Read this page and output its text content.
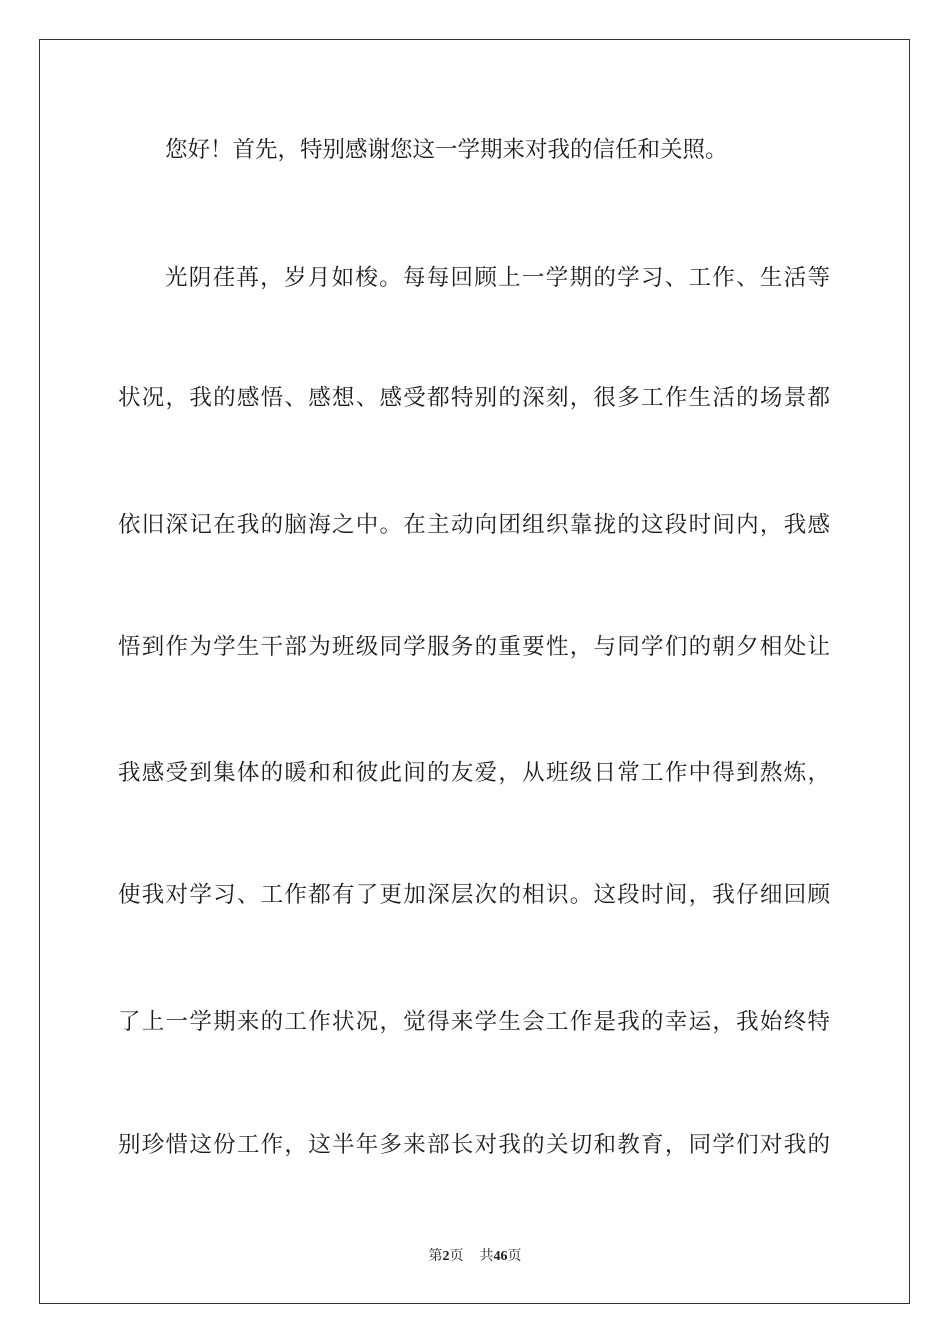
您好！首先，特别感谢您这一学期来对我的信任和关照。
光阴荏苒，岁月如梭。每每回顾上一学期的学习、工作、生活等
状况，我的感悟、感想、感受都特别的深刻，很多工作生活的场景都
依旧深记在我的脑海之中。在主动向团组织靠拢的这段时间内，我感
悟到作为学生干部为班级同学服务的重要性，与同学们的朝夕相处让
我感受到集体的暖和和彼此间的友爱，从班级日常工作中得到熬炼，
使我对学习、工作都有了更加深层次的相识。这段时间，我仔细回顾
了上一学期来的工作状况，觉得来学生会工作是我的幸运，我始终特
别珍惜这份工作，这半年多来部长对我的关切和教育，同学们对我的
第2页 共46页
